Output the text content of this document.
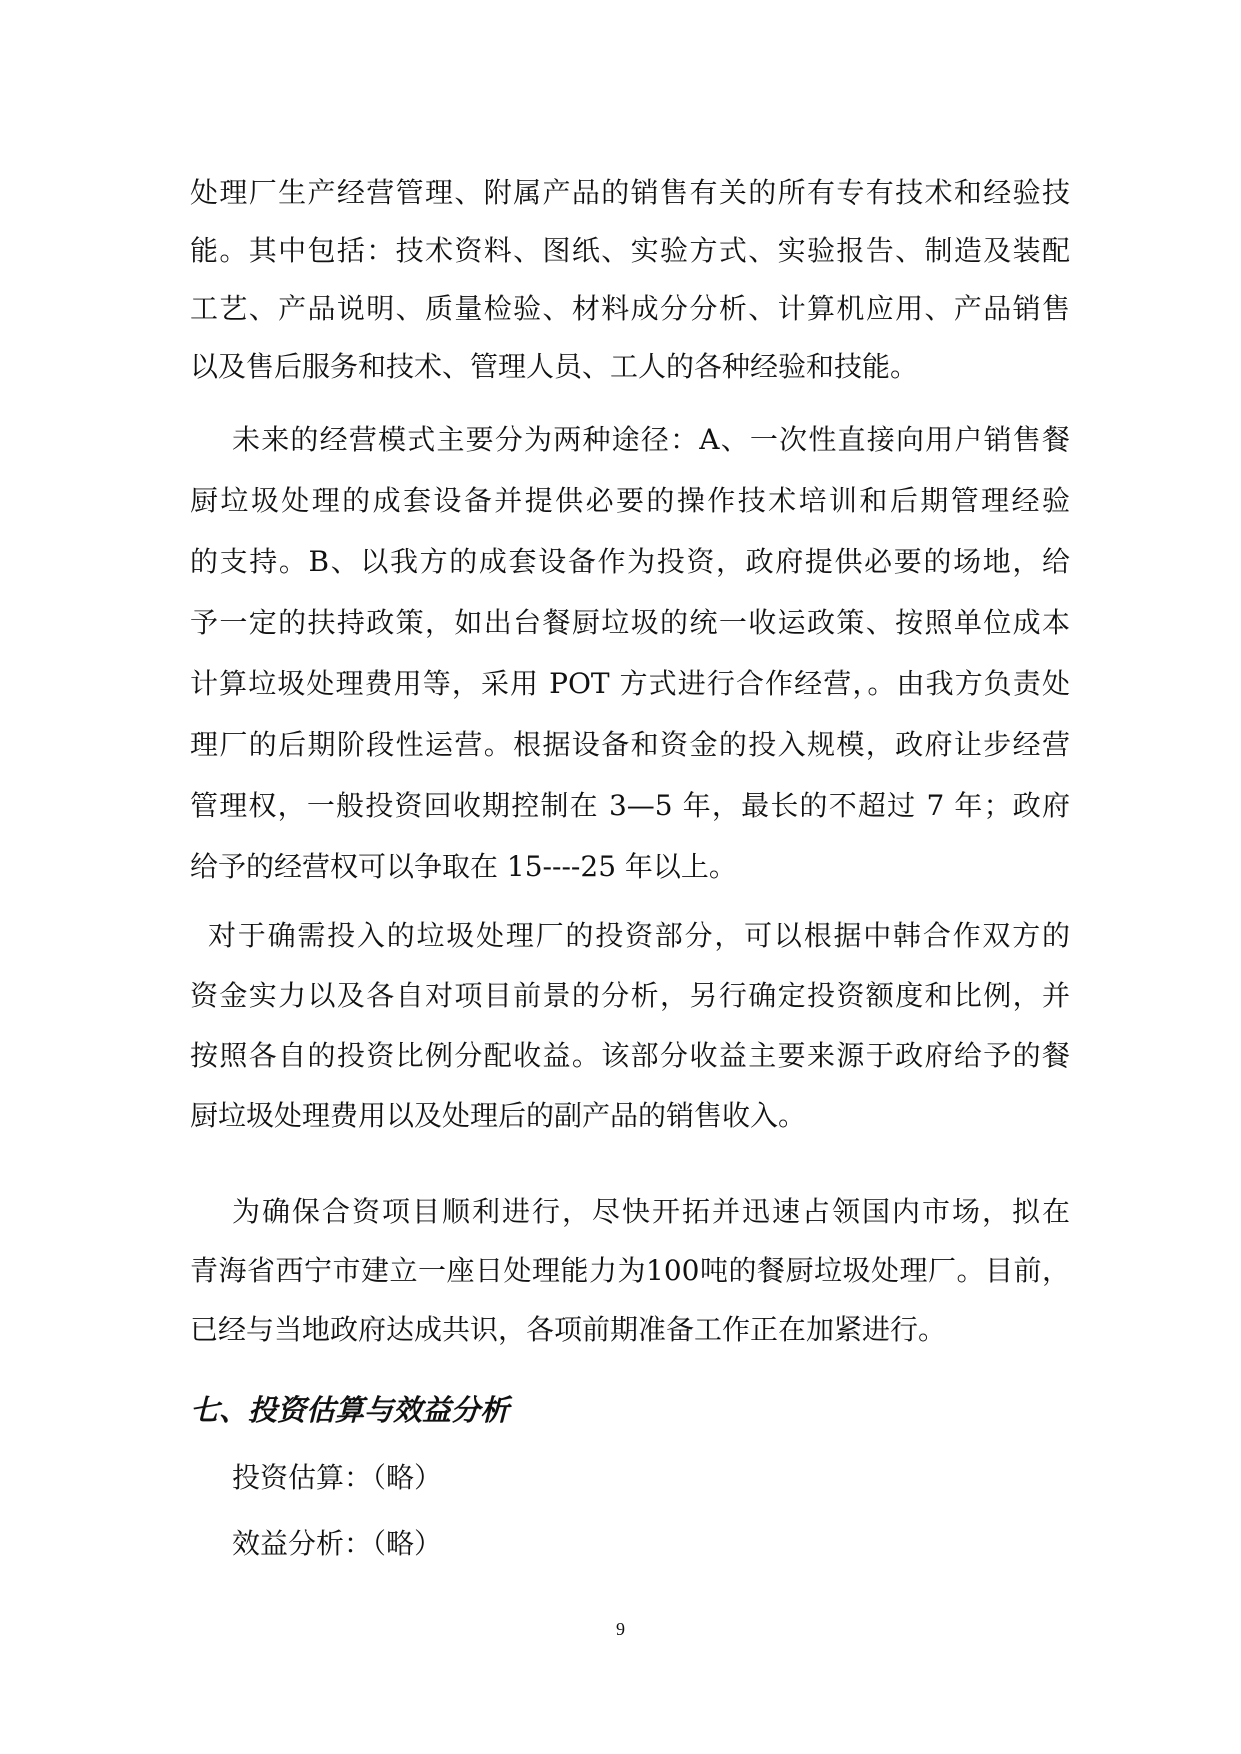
处理厂生产经营管理、附属产品的销售有关的所有专有技术和经验技
能。其中包括：技术资料、图纸、实验方式、实验报告、制造及装配
工艺、产品说明、质量检验、材料成分分析、计算机应用、产品销售
以及售后服务和技术、管理人员、工人的各种经验和技能。
未来的经营模式主要分为两种途径：A、一次性直接向用户销售餐
厨垃圾处理的成套设备并提供必要的操作技术培训和后期管理经验
的支持。B、以我方的成套设备作为投资，政府提供必要的场地，给
予一定的扶持政策，如出台餐厨垃圾的统一收运政策、按照单位成本
计算垃圾处理费用等，采用 POT 方式进行合作经营，。由我方负责处
理厂的后期阶段性运营。根据设备和资金的投入规模，政府让步经营
管理权，一般投资回收期控制在 3—5 年，最长的不超过 7 年；政府
给予的经营权可以争取在 15----25 年以上。
对于确需投入的垃圾处理厂的投资部分，可以根据中韩合作双方的
资金实力以及各自对项目前景的分析，另行确定投资额度和比例，并
按照各自的投资比例分配收益。该部分收益主要来源于政府给予的餐
厨垃圾处理费用以及处理后的副产品的销售收入。
为确保合资项目顺利进行，尽快开拓并迅速占领国内市场，拟在
青海省西宁市建立一座日处理能力为100吨的餐厨垃圾处理厂。目前，
已经与当地政府达成共识，各项前期准备工作正在加紧进行。
七、投资估算与效益分析
投资估算：（略）
效益分析：（略）
9
